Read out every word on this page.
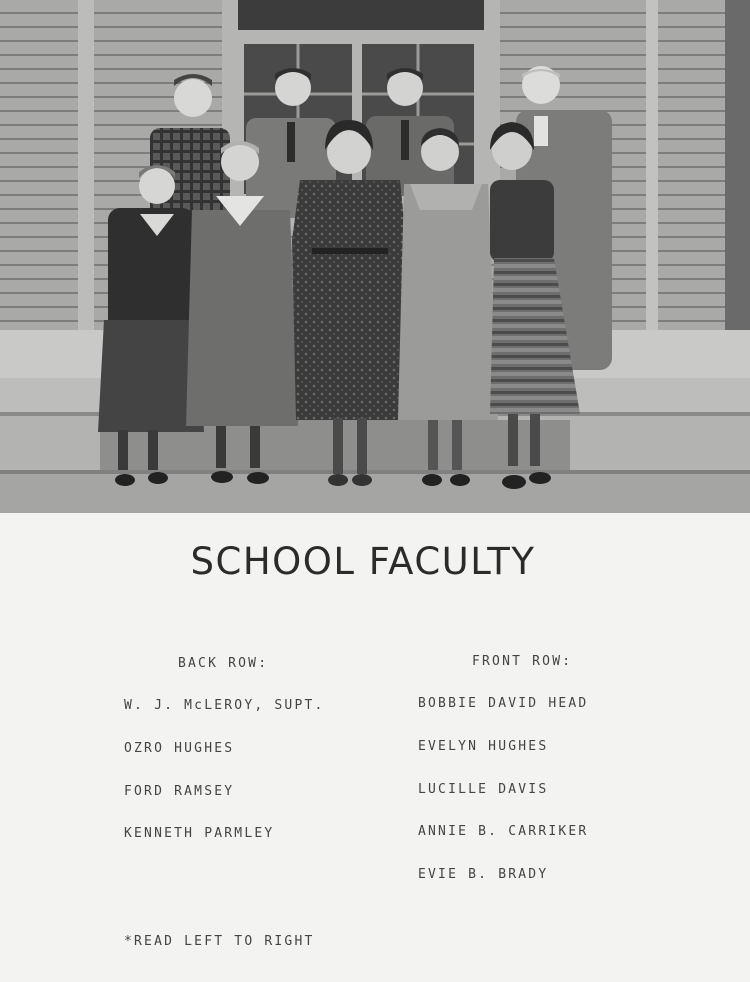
SCHOOL FACULTY
BACK ROW:	FRONT ROW:
W. J. McLEROY, SUPT.
OZRO HUGHES
FORD RAMSEY
KENNETH PARMLEY
BOBBIE DAVID HEAD
EVELYN HUGHES
LUCILLE DAVIS
ANNIE B. CARRIKER
EVIE B. BRADY
*READ LEFT TO RIGHT
